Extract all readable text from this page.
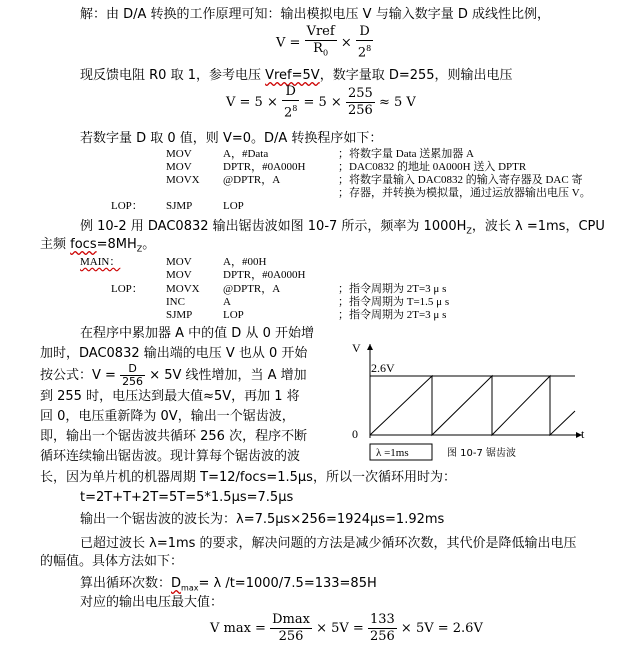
解：由 D/A 转换的工作原理可知：输出模拟电压 V 与输入数字量 D 成线性比例，
$V = \frac{\text{Vref}}{R_0} \times \frac{D}{2^8}$
现反馈电阻 R0 取 1，参考电压 Vref=5V，数字量取 D=255，则输出电压
$V = 5 \times \frac{D}{2^8} = 5 \times \frac{255}{256} \approx 5$ V
若数字量 D 取 0 值，则 V=0。D/A 转换程序如下：
MOV	A，#Data	；将数字量 Data 送累加器 A
MOV	DPTR，#0A000H	；DAC0832 的地址 0A000H 送入 DPTR
MOVX @DPTR，A	；将数字量输入 DAC0832 的输入寄存器及 DAC 寄
；存器，并转换为模拟量，通过运放器输出电压 V。
LOP： SJMP	LOP
例 10-2 用 DAC0832 输出锯齿波如图 10-7 所示，频率为 $1000H_Z$，波长 λ =1ms，CPU
主频 $focs=8MH_Z$。
MAIN：	MOV	A，#00H
MOV	DPTR，#0A000H
LOP： MOVX @DPTR，A	；指令周期为 2T=3 μ s
INC	A	；指令周期为 T=1.5 μ s
SJMP	LOP	；指令周期为 2T=3 μ s
在程序中累加器 A 中的值 D 从 0 开始增
加时，DAC0832 输出端的电压 V 也从 0 开始
按公式：$V = \frac{D}{256} \times 5V$ 线性增加，当 A 增加
到 255 时，电压达到最大值≈5V，再加 1 将
回 0，电压重新降为 0V，输出一个锯齿波，
即，输出一个锯齿波共循环 256 次，程序不断
循环连续输出锯齿波。现计算每个锯齿波的波
V
2.6V
0	t
λ =1ms	图 10-7 锯齿波
长，因为单片机的机器周期 T=12/focs=1.5μs，所以一次循环用时为：
t=2T+T+2T=5T=5*1.5μs=7.5μs
输出一个锯齿波的波长为：λ=7.5μs×256=1924μs=1.92ms
已超过波长 λ=1ms 的要求，解决问题的方法是减少循环次数，其代价是降低输出电压
的幅值。具体方法如下：
算出循环次数：$D_{max}= \lambda$ /t=1000/7.5=133=85H
对应的输出电压最大值：
V $\max = \frac{Dmax}{256} \times 5V = \frac{133}{256} \times 5V = 2.6V$
